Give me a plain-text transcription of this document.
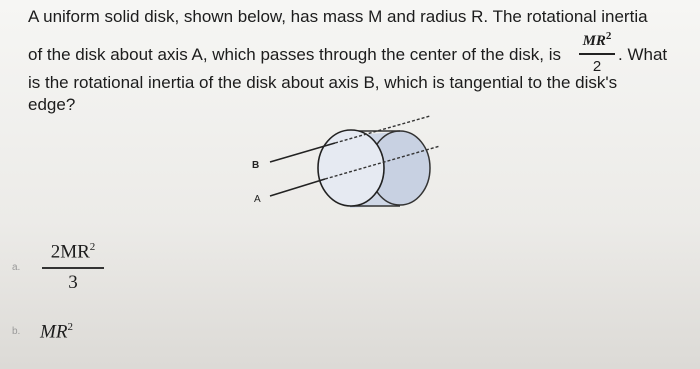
A uniform solid disk, shown below, has mass M and radius R. The rotational inertia
of the disk about axis A, which passes through the center of the disk, is
$MR^2$
2
. What
is the rotational inertia of the disk about axis B, which is tangential to the disk's
edge?
B
A
a.
$2MR^2$
3
b. $MR^2$
